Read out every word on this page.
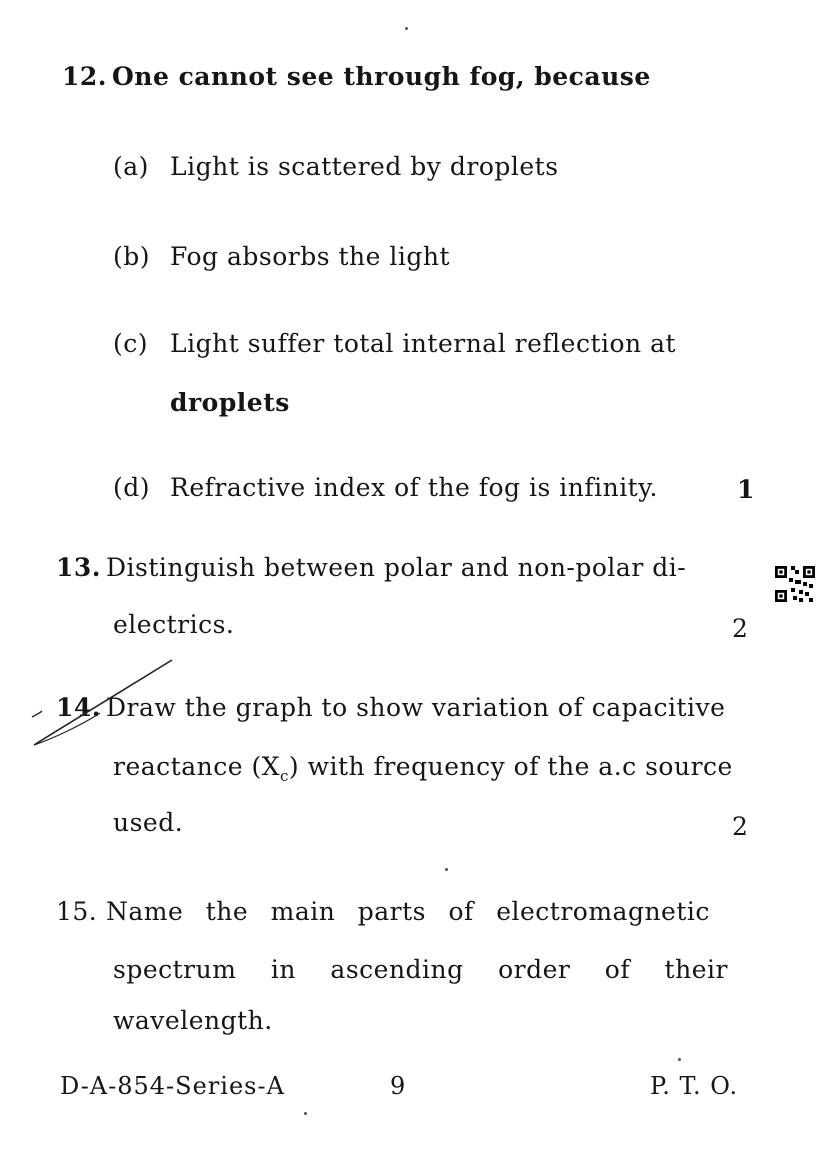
12. One cannot see through fog, because
(a) Light is scattered by droplets
(b) Fog absorbs the light
(c) Light suffer total internal reflection at
droplets
(d) Refractive index of the fog is infinity.	1
13. Distinguish between polar and non-polar di-
electrics.	2
14. Draw the graph to show variation of capacitive
reactance $(X_c)$ with frequency of the a.c source
used.	2
15. Name the main parts of electromagnetic
spectrum in ascending order of their
wavelength.
D-A-854-Series-A	9	P. T. O.
